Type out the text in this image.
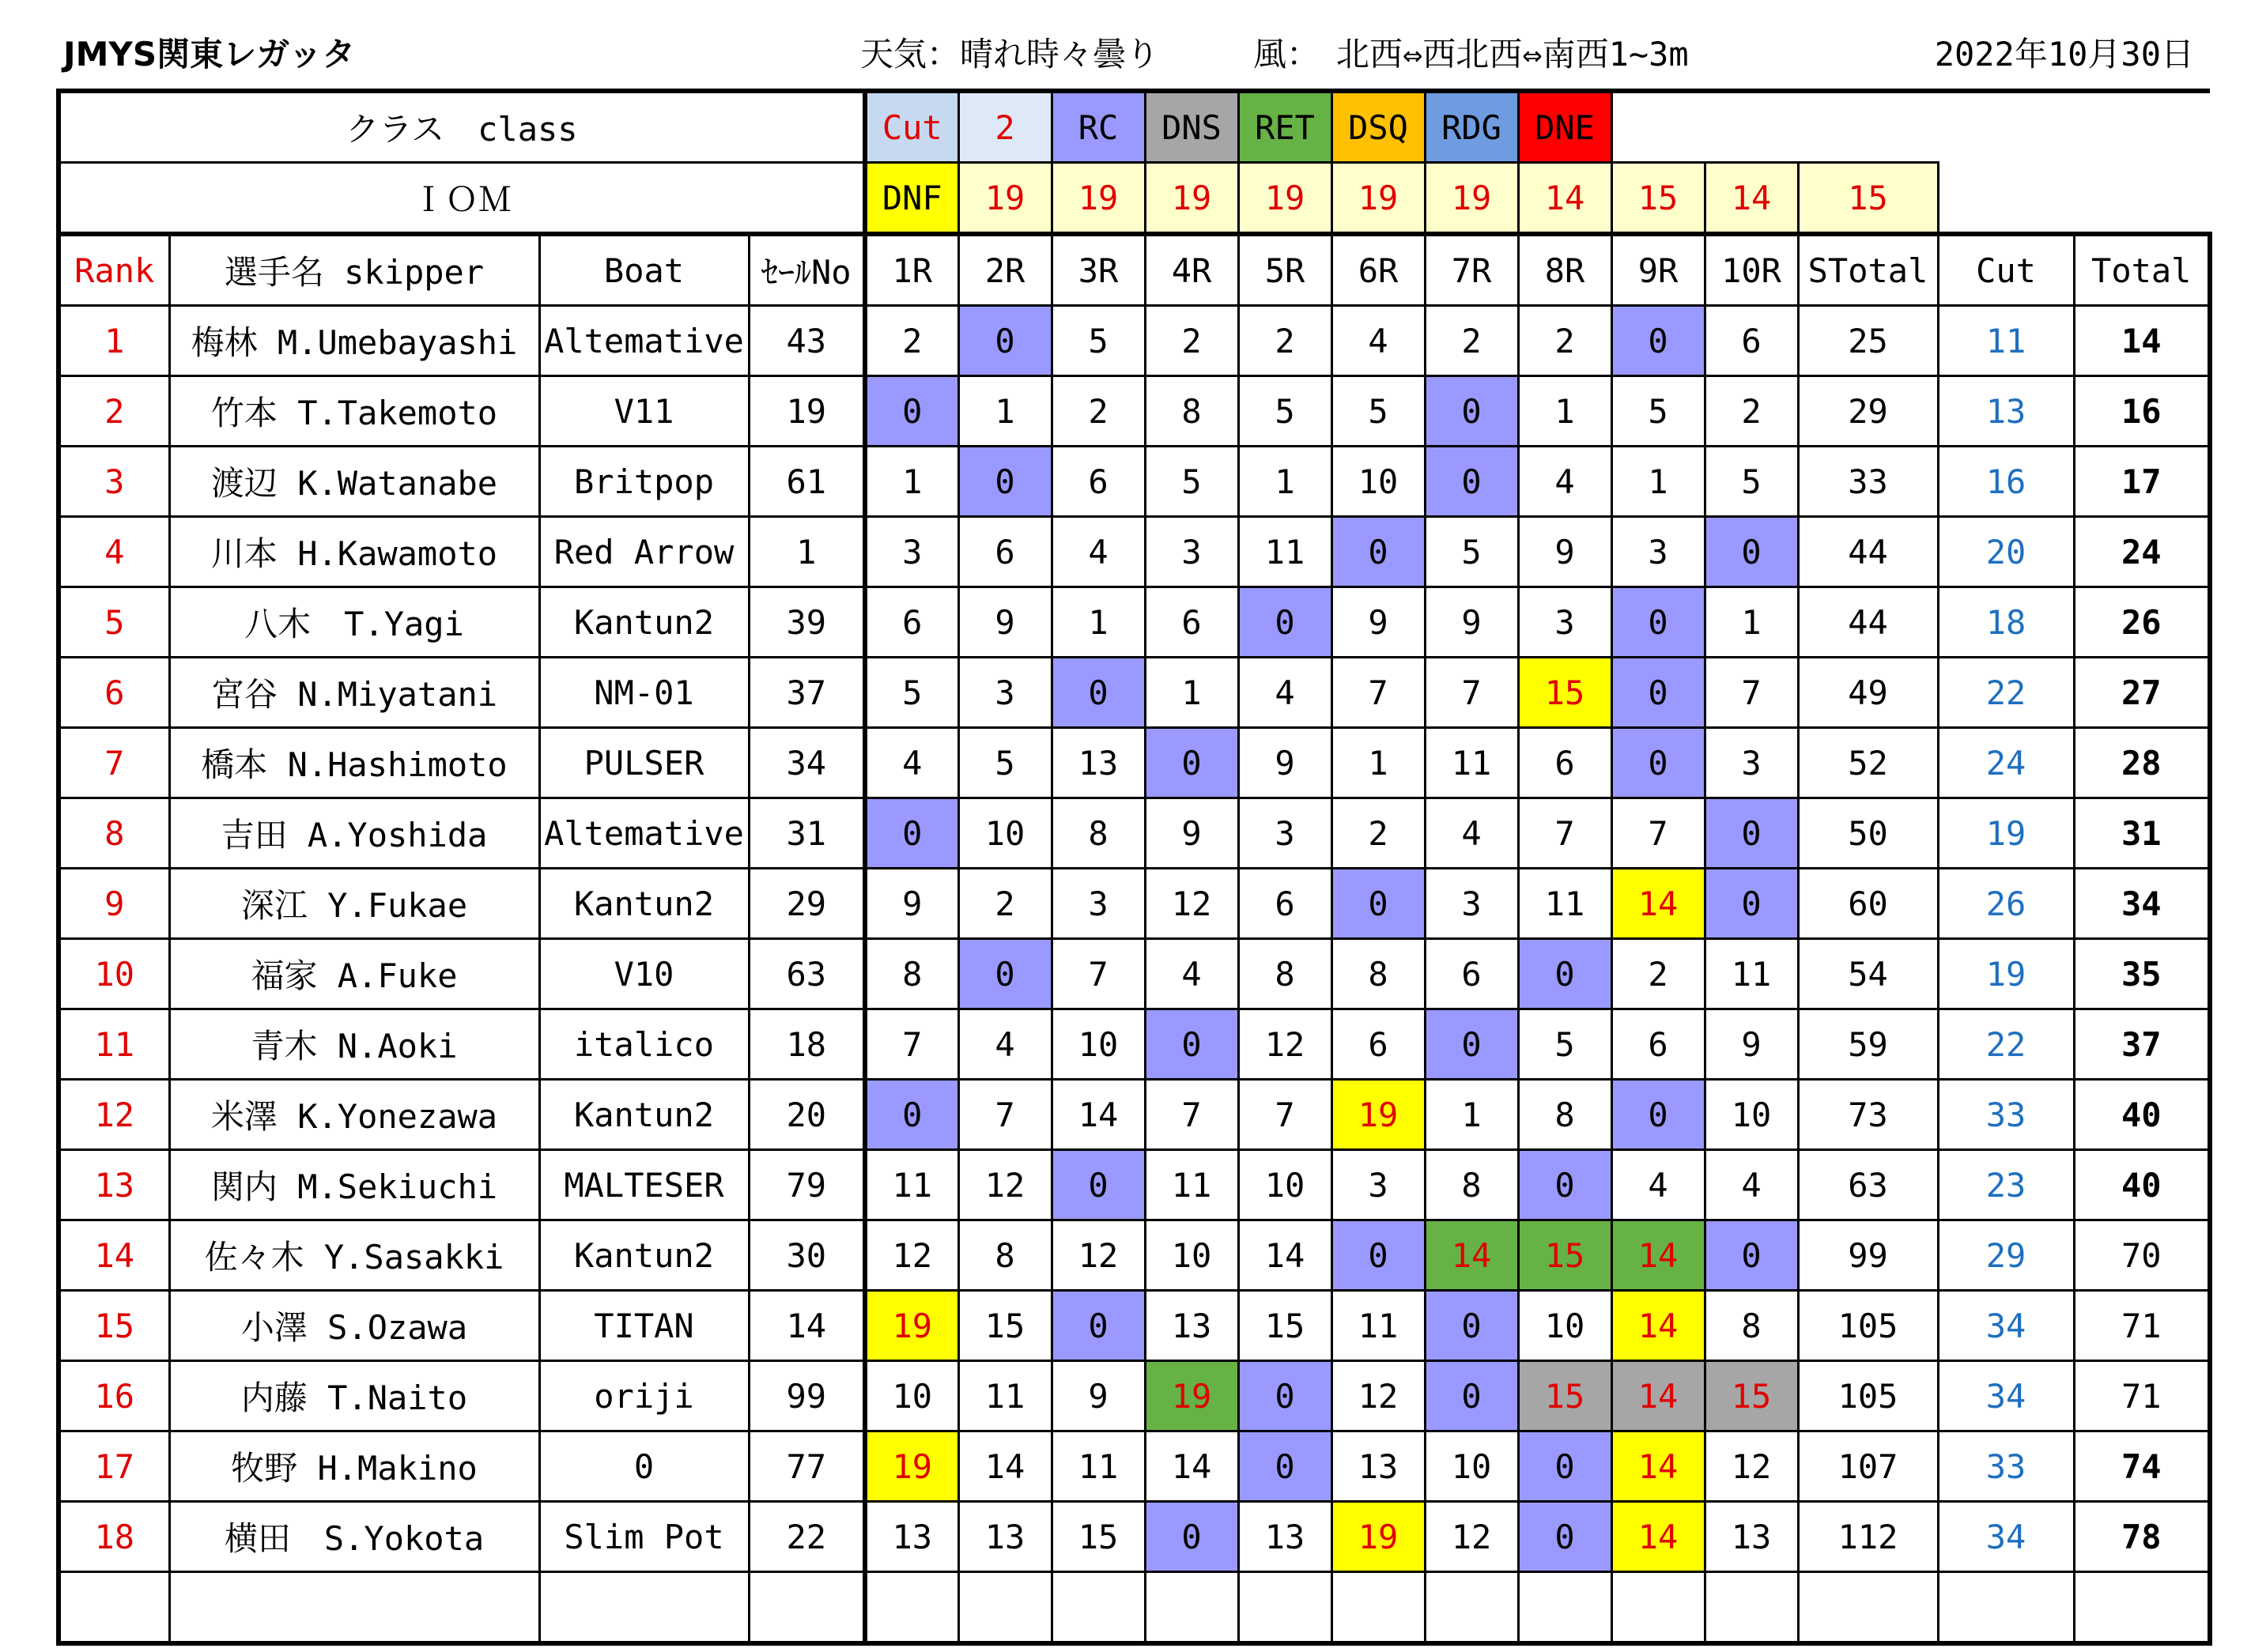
JMYS関東レガッタ	天気：晴れ時々曇り	風：　北西⇔西北西⇔南西1~3m	2022年10月30日
クラス　class				Cut	2	RC	DNS	RET	DSQ	RDG	DNE					
ＩＯＭ				DNF	19	19	19	19	19	19	14	15	14	15		
Rank	選手名 skipper	Boat	ｾｰﾙNo	1R	2R	3R	4R	5R	6R	7R	8R	9R	10R	STotal	Cut	Total
1	梅林 M.Umebayashi	Altemative	43	2	0	5	2	2	4	2	2	0	6	25	11	14
2	竹本 T.Takemoto	V11	19	0	1	2	8	5	5	0	1	5	2	29	13	16
3	渡辺 K.Watanabe	Britpop	61	1	0	6	5	1	10	0	4	1	5	33	16	17
4	川本 H.Kawamoto	Red Arrow	1	3	6	4	3	11	0	5	9	3	0	44	20	24
5	八木　T.Yagi	Kantun2	39	6	9	1	6	0	9	9	3	0	1	44	18	26
6	宮谷 N.Miyatani	NM-01	37	5	3	0	1	4	7	7	15	0	7	49	22	27
7	橋本 N.Hashimoto	PULSER	34	4	5	13	0	9	1	11	6	0	3	52	24	28
8	吉田 A.Yoshida	Altemative	31	0	10	8	9	3	2	4	7	7	0	50	19	31
9	深江 Y.Fukae	Kantun2	29	9	2	3	12	6	0	3	11	14	0	60	26	34
10	福家 A.Fuke	V10	63	8	0	7	4	8	8	6	0	2	11	54	19	35
11	青木 N.Aoki	italico	18	7	4	10	0	12	6	0	5	6	9	59	22	37
12	米澤 K.Yonezawa	Kantun2	20	0	7	14	7	7	19	1	8	0	10	73	33	40
13	関内 M.Sekiuchi	MALTESER	79	11	12	0	11	10	3	8	0	4	4	63	23	40
14	佐々木 Y.Sasakki	Kantun2	30	12	8	12	10	14	0	14	15	14	0	99	29	70
15	小澤 S.Ozawa	TITAN	14	19	15	0	13	15	11	0	10	14	8	105	34	71
16	内藤 T.Naito	oriji	99	10	11	9	19	0	12	0	15	14	15	105	34	71
17	牧野 H.Makino	0	77	19	14	11	14	0	13	10	0	14	12	107	33	74
18	横田　S.Yokota	Slim Pot	22	13	13	15	0	13	19	12	0	14	13	112	34	78
